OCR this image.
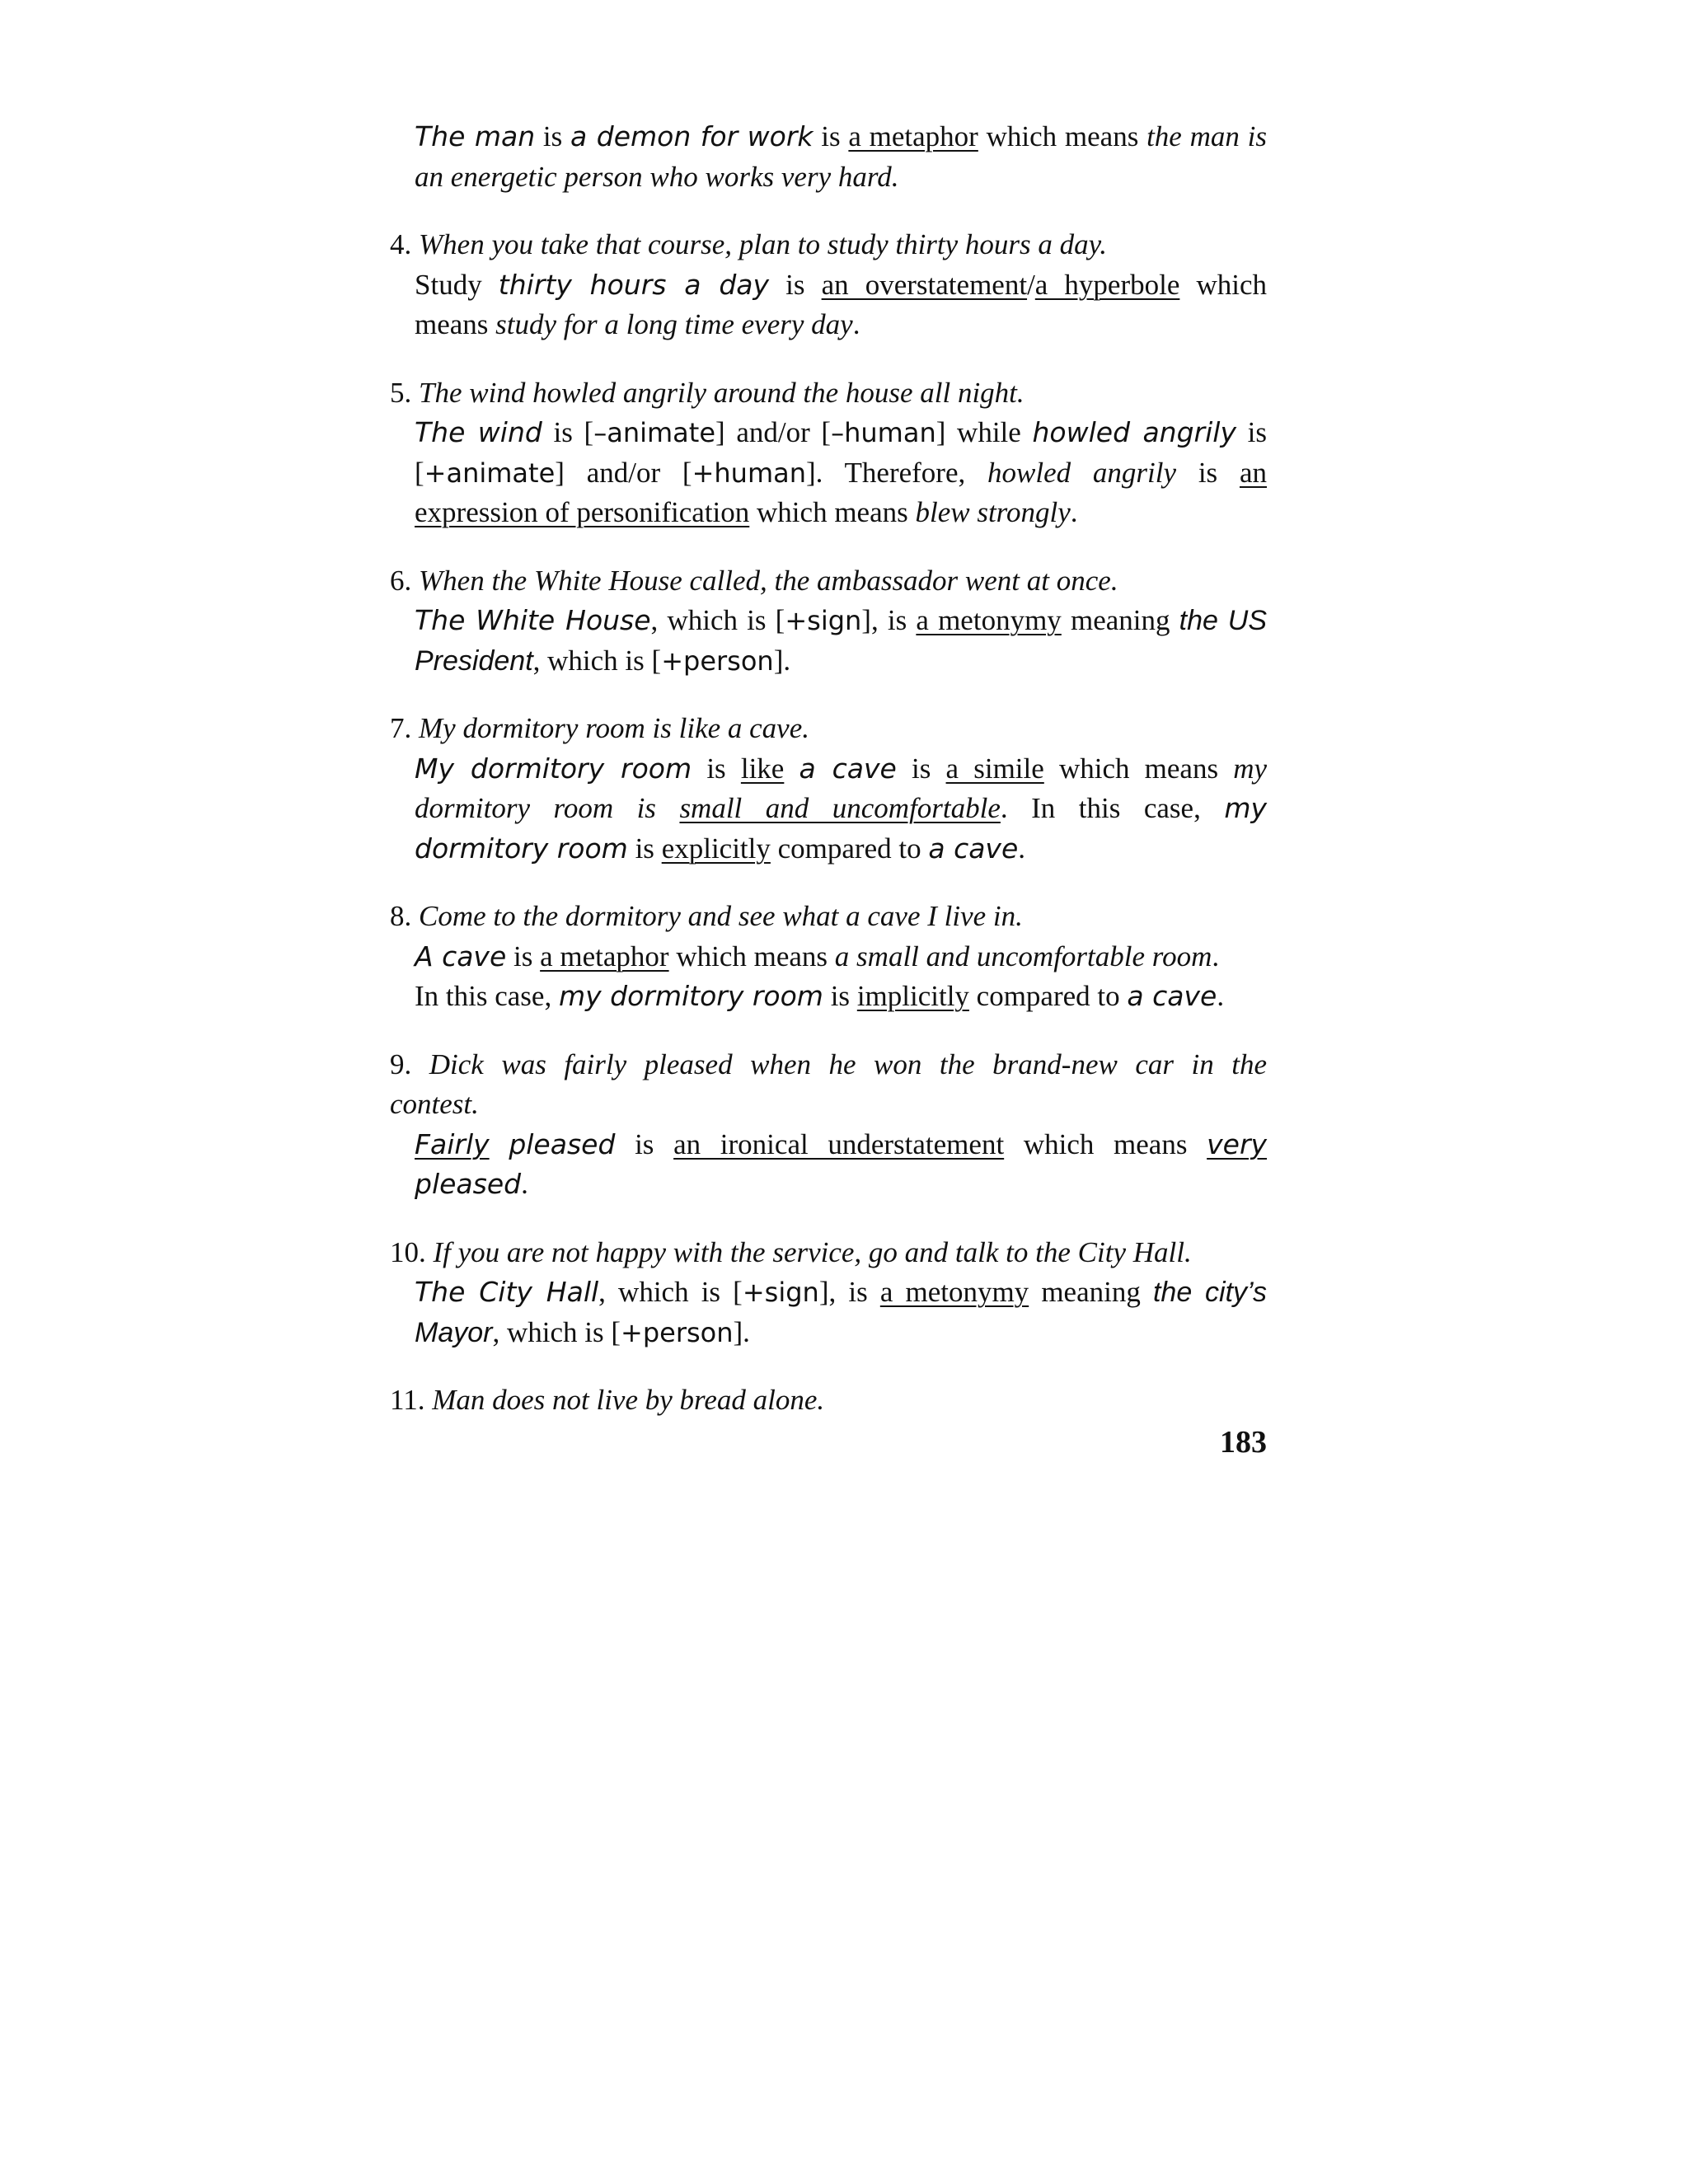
The man is a demon for work is a metaphor which means the man is
an energetic person who works very hard.
4. When you take that course, plan to study thirty hours a day.
Study thirty hours a day is an overstatement/a hyperbole which
means study for a long time every day.
5. The wind howled angrily around the house all night.
The wind is [–animate] and/or [–human] while howled angrily is
[+animate] and/or [+human]. Therefore, howled angrily is an
expression of personification which means blew strongly.
6. When the White House called, the ambassador went at once.
The White House, which is [+sign], is a metonymy meaning the US
President, which is [+person].
7. My dormitory room is like a cave.
My dormitory room is like a cave is a simile which means my
dormitory room is small and uncomfortable. In this case, my
dormitory room is explicitly compared to a cave.
8. Come to the dormitory and see what a cave I live in.
A cave is a metaphor which means a small and uncomfortable room.
In this case, my dormitory room is implicitly compared to a cave.
9. Dick was fairly pleased when he won the brand-new car in the
contest.
Fairly pleased is an ironical understatement which means very
pleased.
10. If you are not happy with the service, go and talk to the City Hall.
The City Hall, which is [+sign], is a metonymy meaning the city’s
Mayor, which is [+person].
11. Man does not live by bread alone.
183
